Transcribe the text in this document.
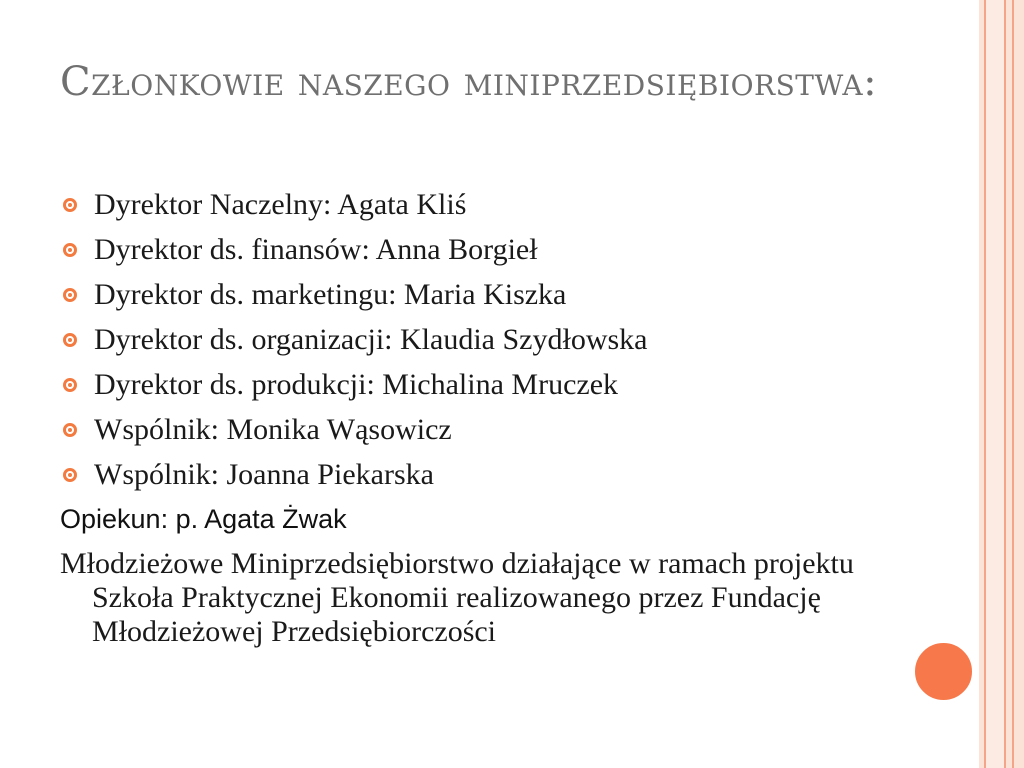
Członkowie naszego miniprzedsiębiorstwa:
Dyrektor Naczelny: Agata Kliś
Dyrektor ds. finansów: Anna Borgieł
Dyrektor ds. marketingu: Maria Kiszka
Dyrektor ds. organizacji: Klaudia Szydłowska
Dyrektor ds. produkcji: Michalina Mruczek
Wspólnik: Monika Wąsowicz
Wspólnik: Joanna Piekarska
Opiekun: p. Agata Żwak
Młodzieżowe Miniprzedsiębiorstwo działające w ramach projektu Szkoła Praktycznej Ekonomii realizowanego przez Fundację Młodzieżowej Przedsiębiorczości
